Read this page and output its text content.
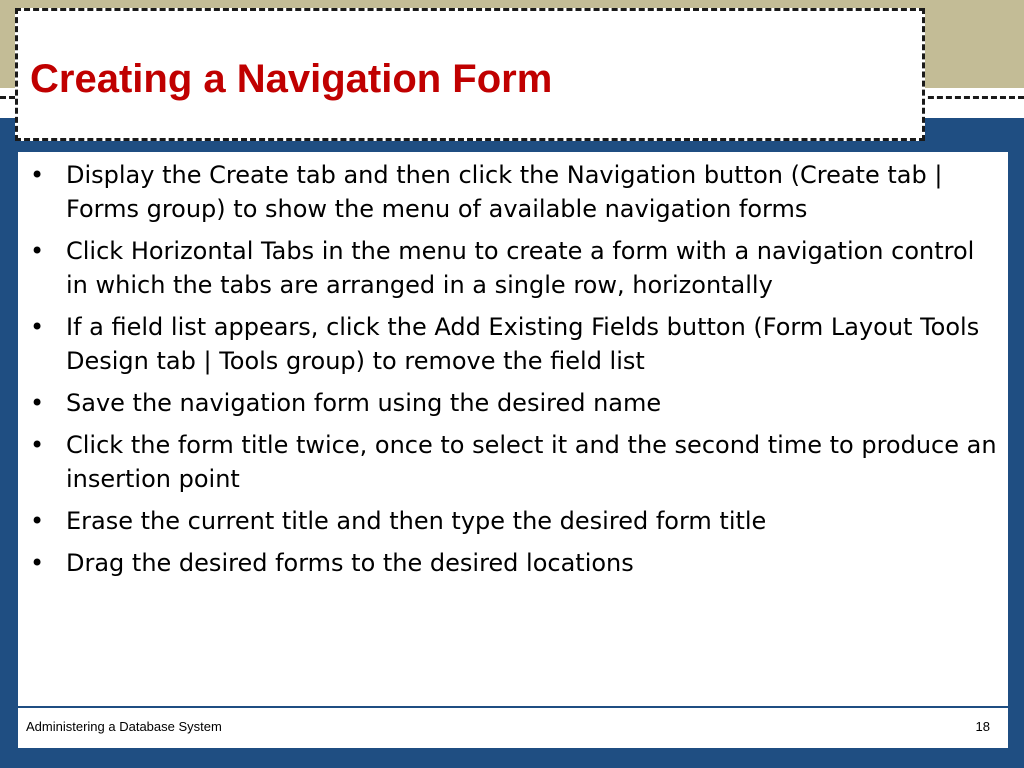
Creating a Navigation Form
• Display the Create tab and then click the Navigation button (Create tab | Forms group) to show the menu of available navigation forms
• Click Horizontal Tabs in the menu to create a form with a navigation control in which the tabs are arranged in a single row, horizontally
• If a field list appears, click the Add Existing Fields button (Form Layout Tools Design tab | Tools group) to remove the field list
• Save the navigation form using the desired name
• Click the form title twice, once to select it and the second time to produce an insertion point
• Erase the current title and then type the desired form title
• Drag the desired forms to the desired locations
Administering a Database System	18
